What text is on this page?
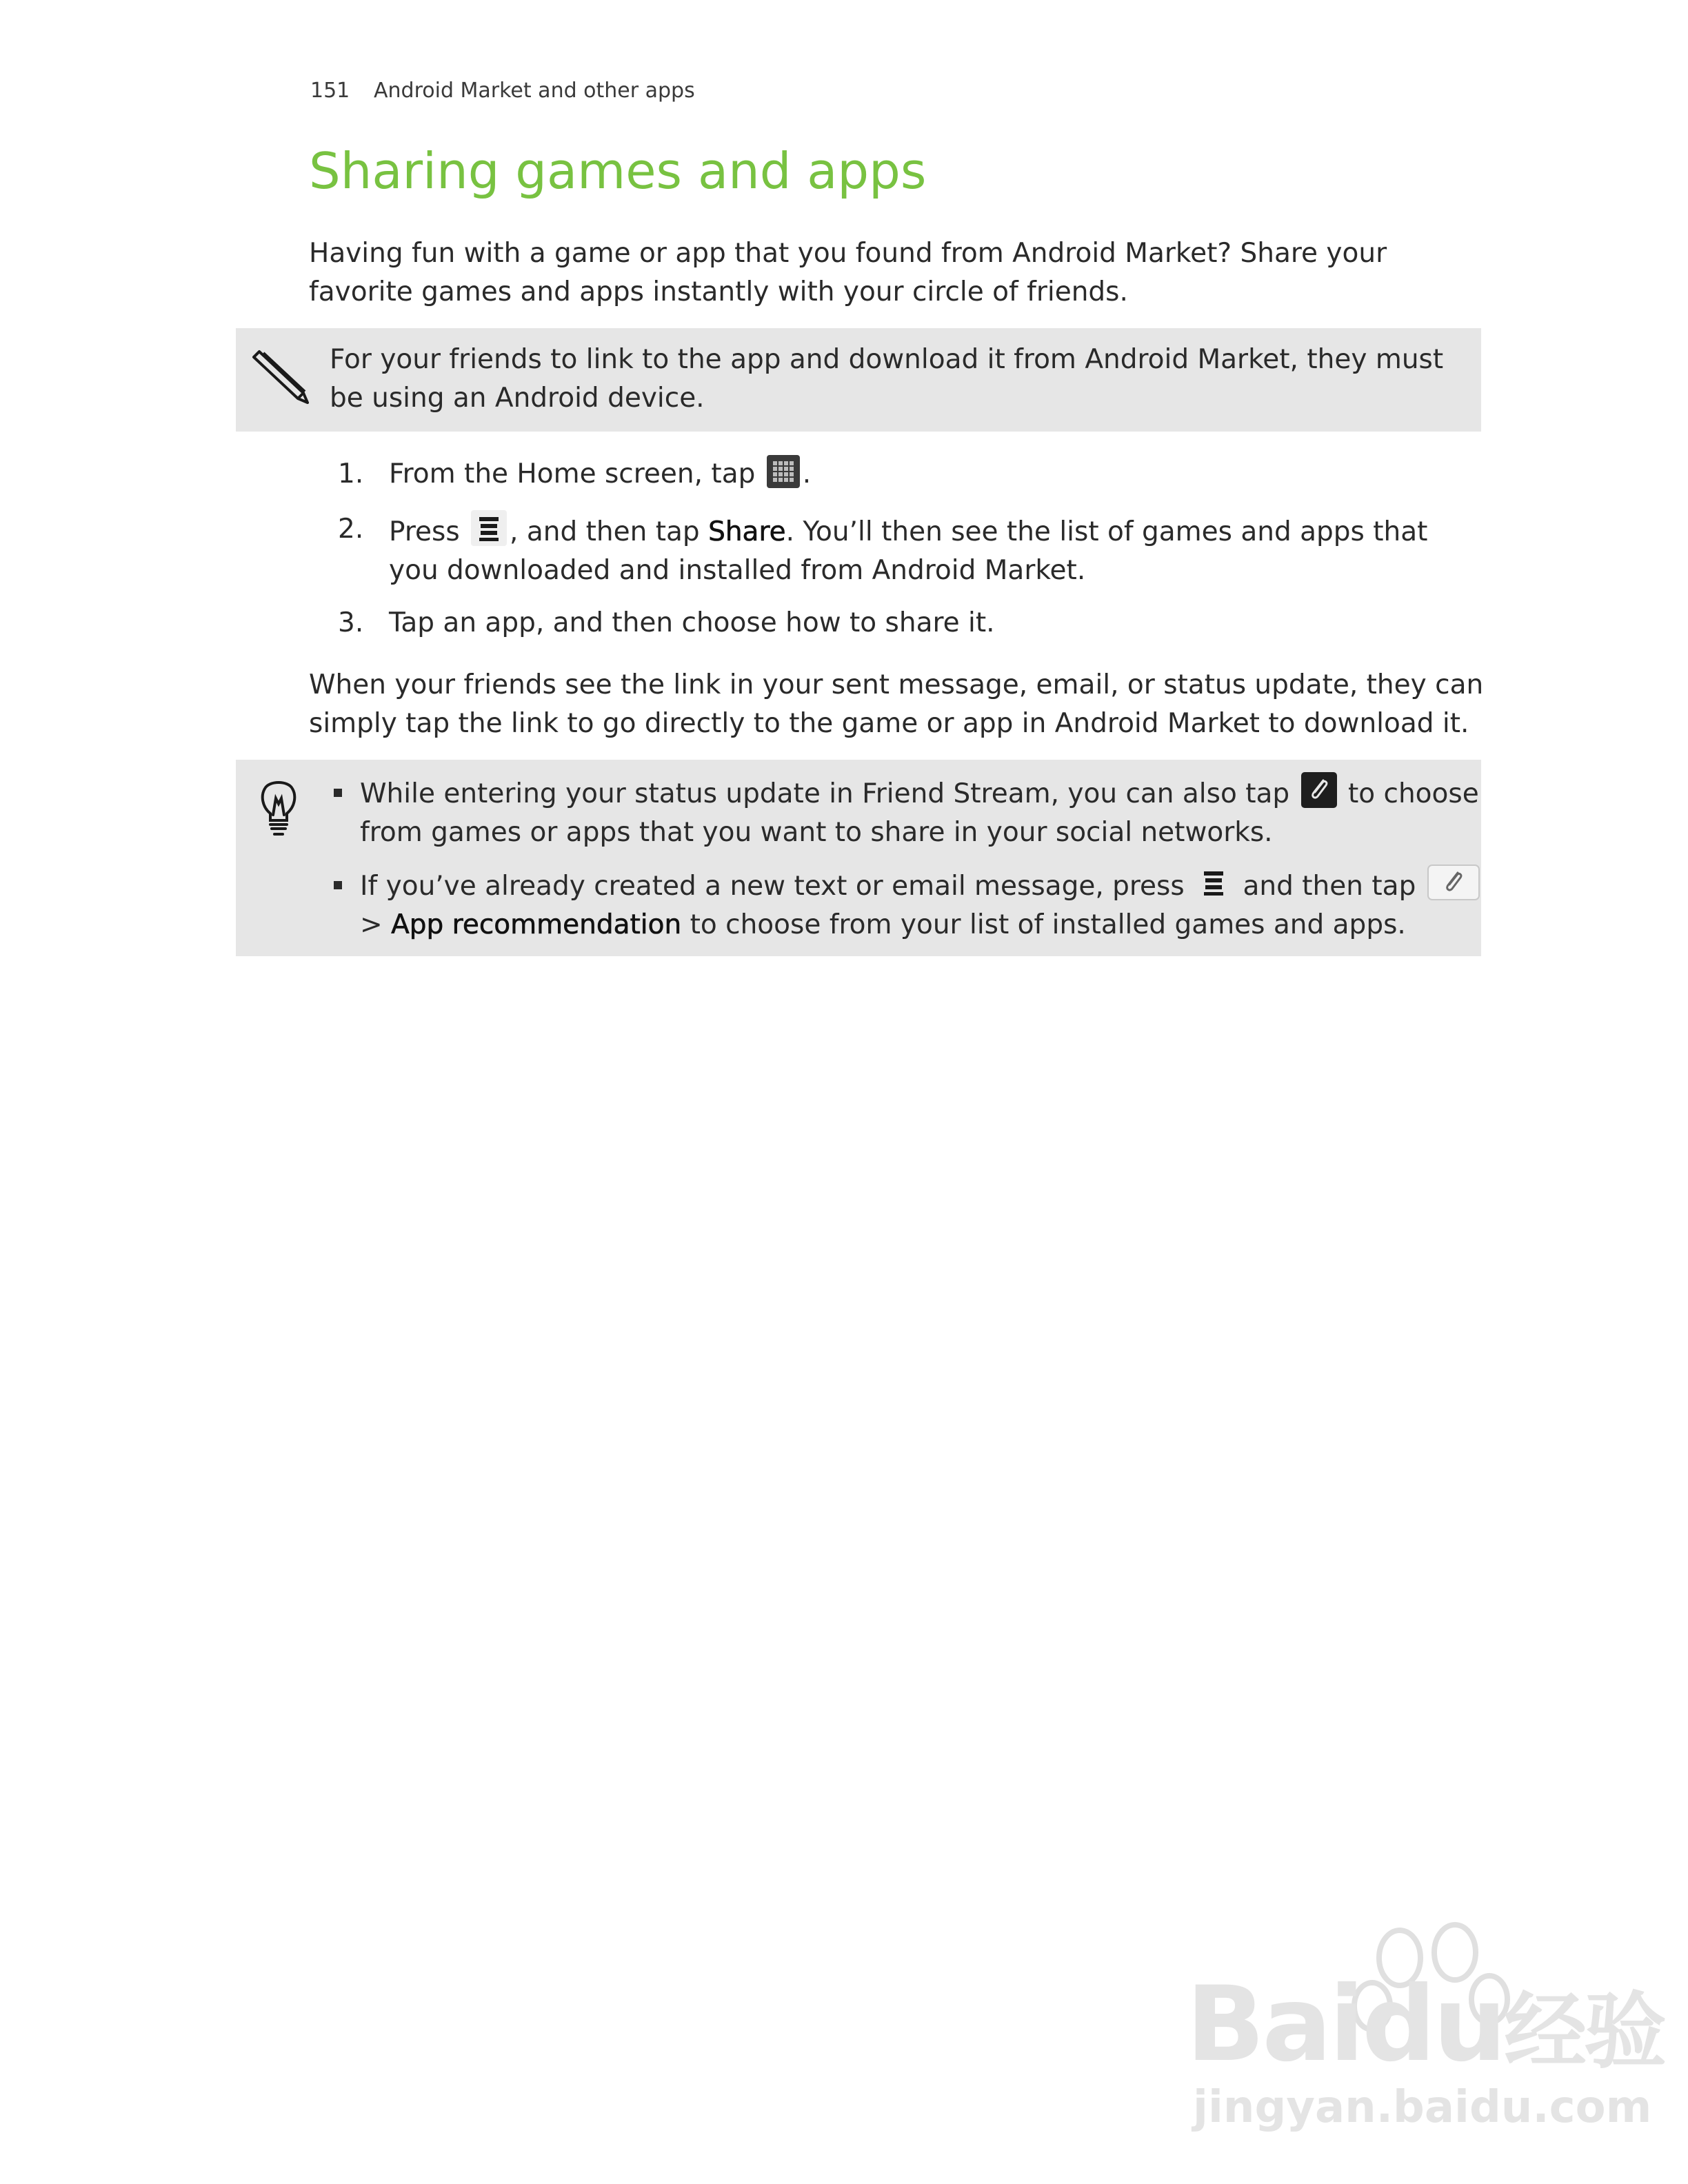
151 Android Market and other apps
Sharing games and apps
Having fun with a game or app that you found from Android Market? Share your
favorite games and apps instantly with your circle of friends.
For your friends to link to the app and download it from Android Market, they must
be using an Android device.
1. From the Home screen, tap .
2. Press , and then tap Share. You’ll then see the list of games and apps that
you downloaded and installed from Android Market.
3. Tap an app, and then choose how to share it.
When your friends see the link in your sent message, email, or status update, they can
simply tap the link to go directly to the game or app in Android Market to download it.
While entering your status update in Friend Stream, you can also tap  to choose
from games or apps that you want to share in your social networks.
If you’ve already created a new text or email message, press  and then tap
> App recommendation to choose from your list of installed games and apps.
Baidu经验
jingyan.baidu.com
